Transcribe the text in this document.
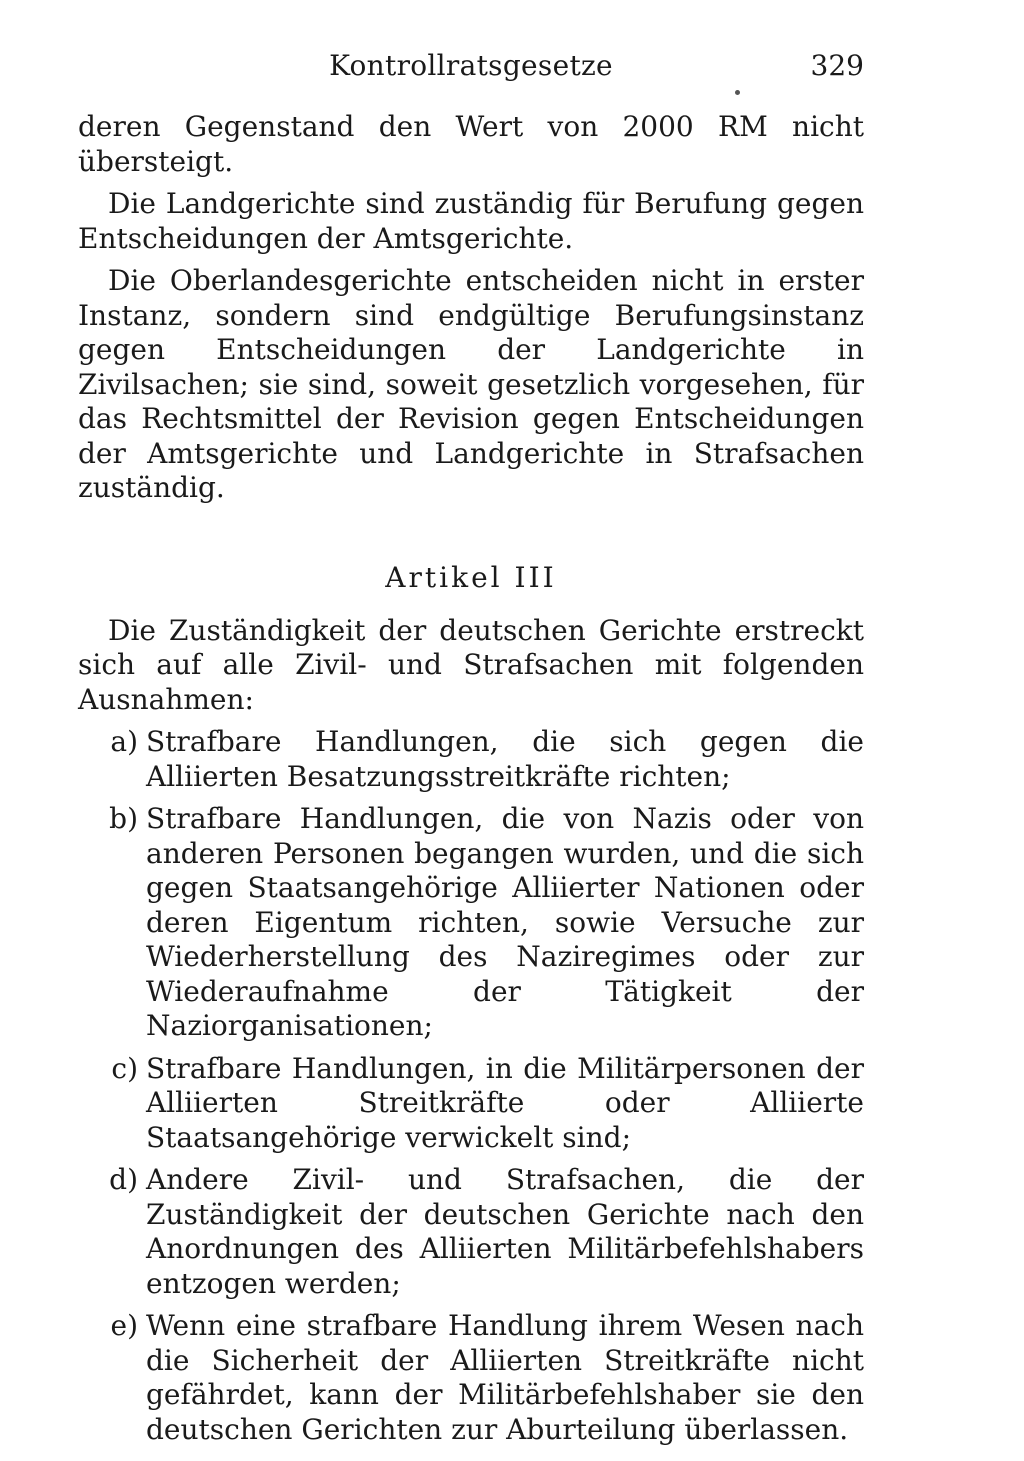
Kontrollratsgesetze	329

deren Gegenstand den Wert von 2000 RM nicht übersteigt.

Die Landgerichte sind zuständig für Berufung gegen Entscheidungen der Amtsgerichte.

Die Oberlandesgerichte entscheiden nicht in erster Instanz, sondern sind endgültige Berufungsinstanz gegen Entscheidungen der Landgerichte in Zivilsachen; sie sind, soweit gesetzlich vorgesehen, für das Rechtsmittel der Revision gegen Entscheidungen der Amtsgerichte und Landgerichte in Strafsachen zuständig.

Artikel III

Die Zuständigkeit der deutschen Gerichte erstreckt sich auf alle Zivil- und Strafsachen mit folgenden Ausnahmen:

a) Strafbare Handlungen, die sich gegen die Alliierten Besatzungsstreitkräfte richten;
b) Strafbare Handlungen, die von Nazis oder von anderen Personen begangen wurden, und die sich gegen Staatsangehörige Alliierter Nationen oder deren Eigentum richten, sowie Versuche zur Wiederherstellung des Naziregimes oder zur Wiederaufnahme der Tätigkeit der Naziorganisationen;
c) Strafbare Handlungen, in die Militärpersonen der Alliierten Streitkräfte oder Alliierte Staatsangehörige verwickelt sind;
d) Andere Zivil- und Strafsachen, die der Zuständigkeit der deutschen Gerichte nach den Anordnungen des Alliierten Militärbefehlshabers entzogen werden;
e) Wenn eine strafbare Handlung ihrem Wesen nach die Sicherheit der Alliierten Streitkräfte nicht gefährdet, kann der Militärbefehlshaber sie den deutschen Gerichten zur Aburteilung überlassen.
